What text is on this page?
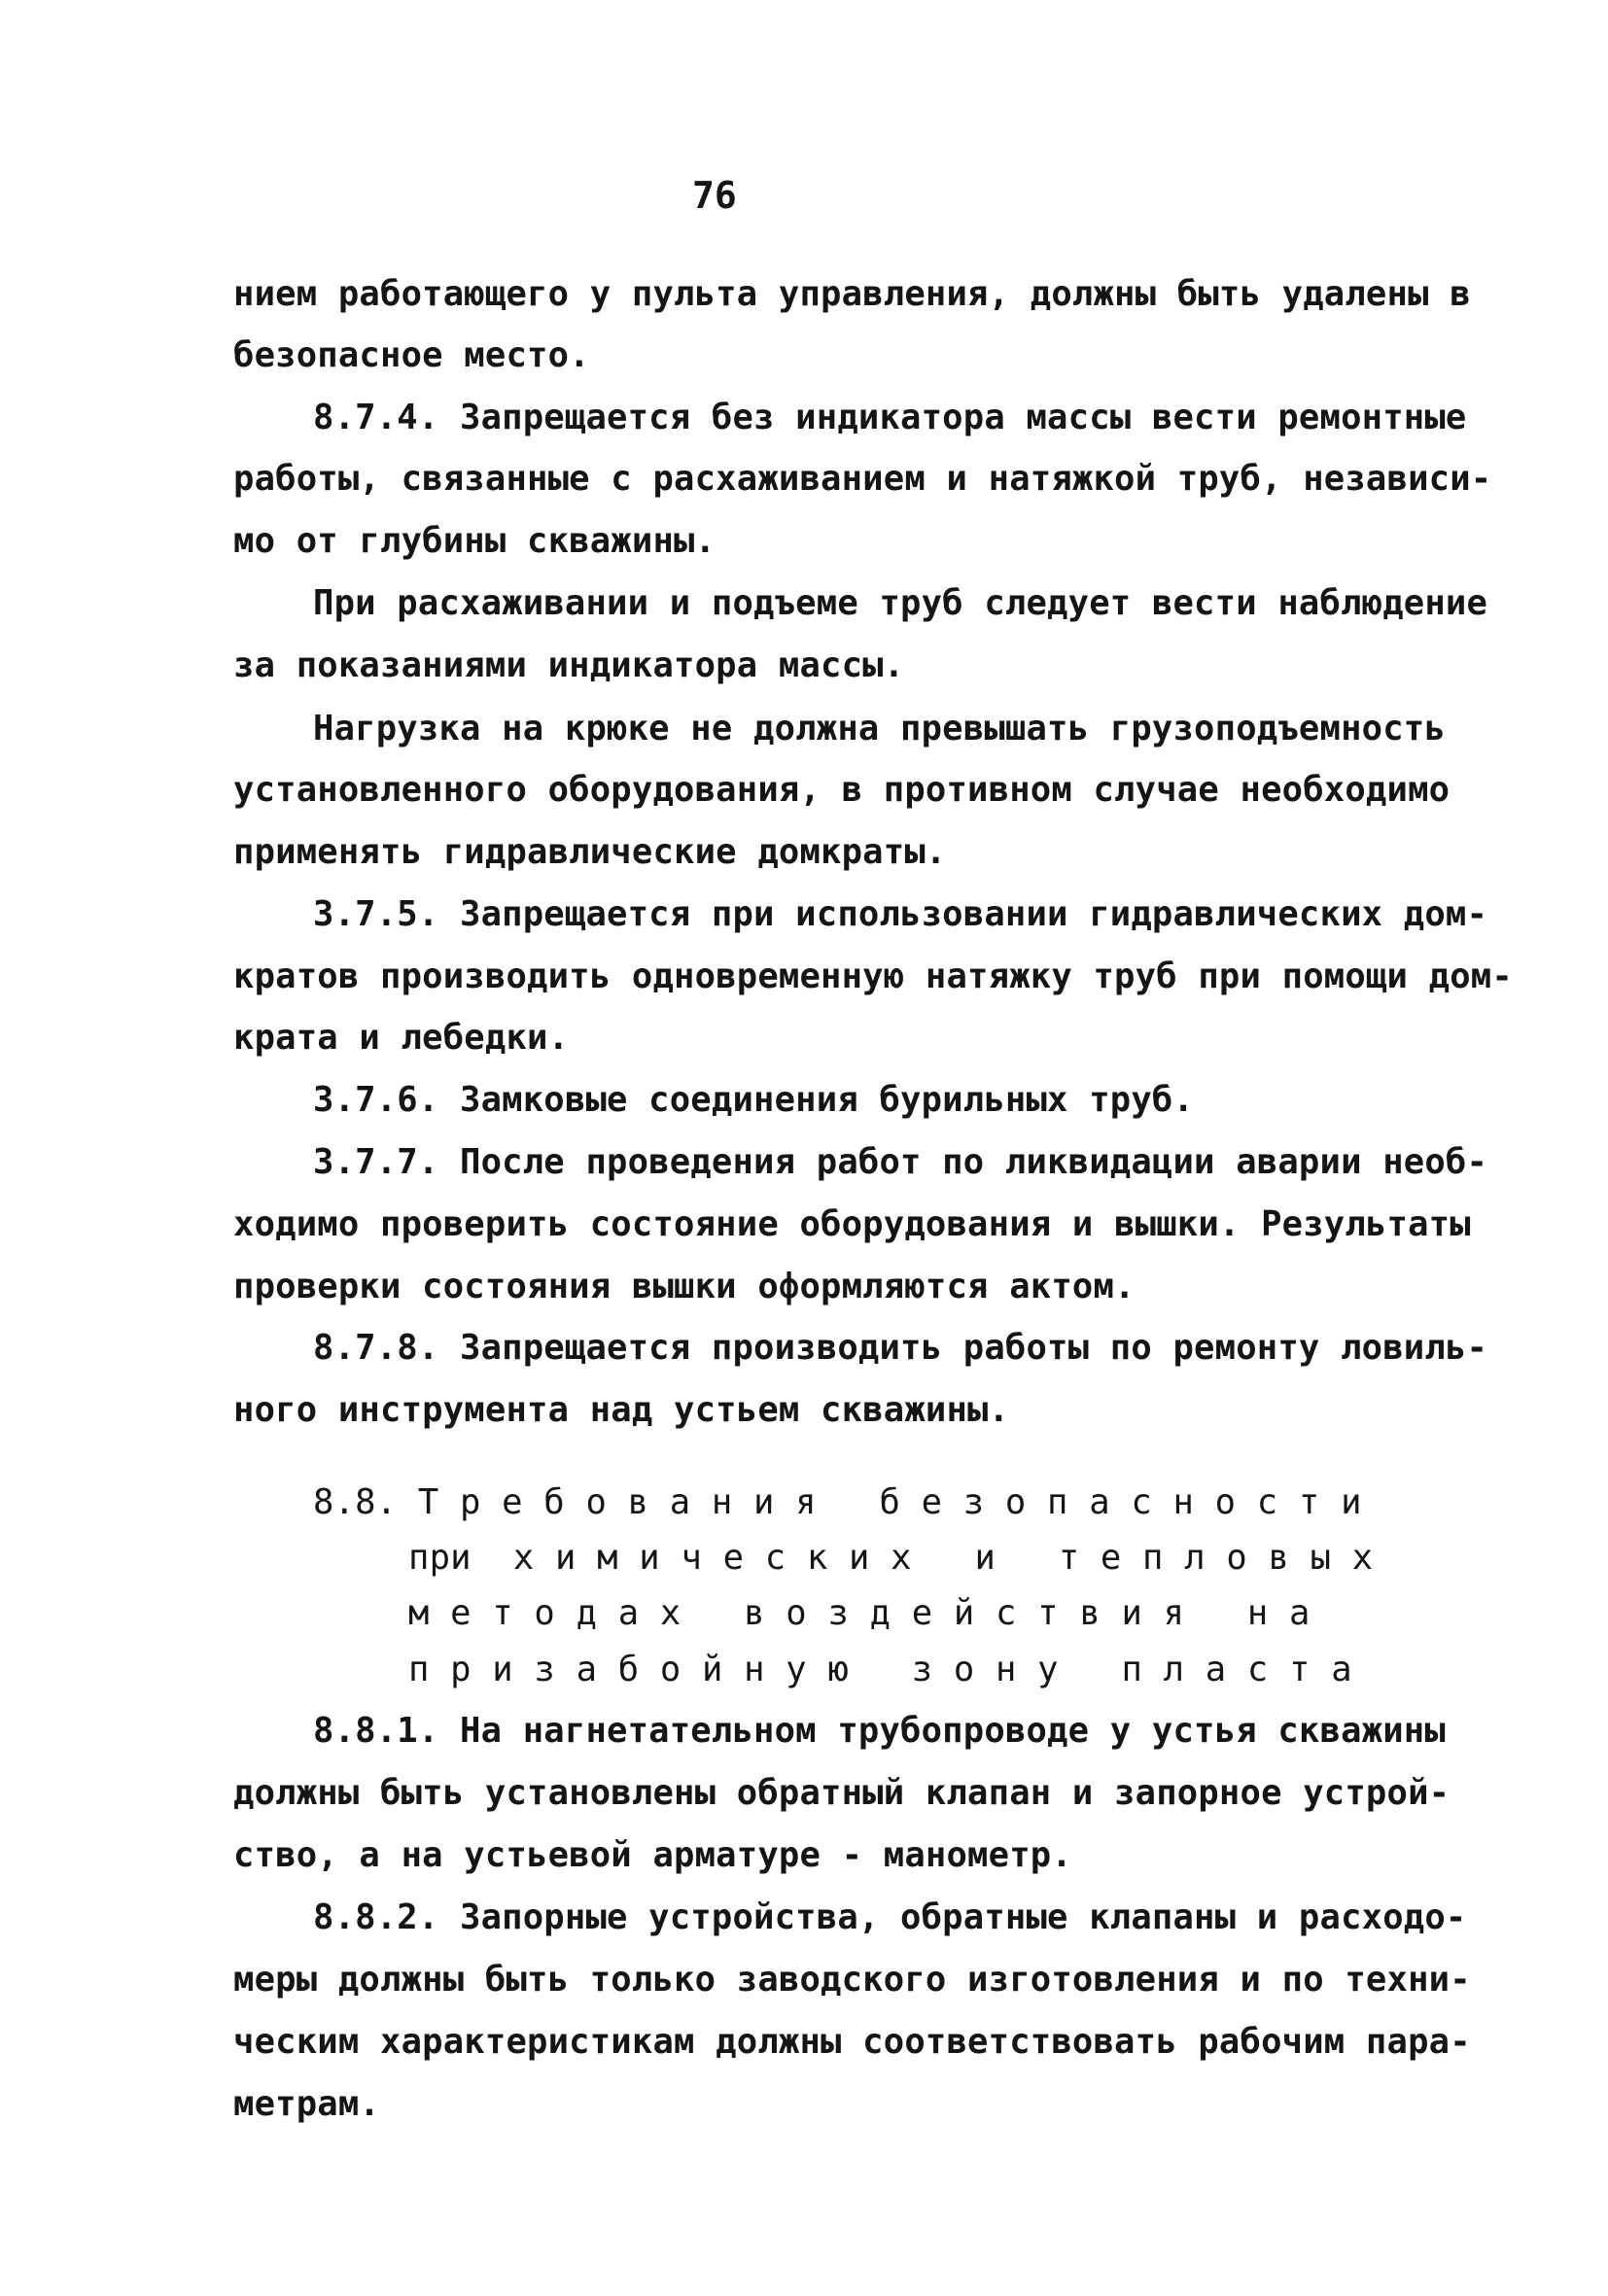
76
нием работающего у пульта управления, должны быть удалены в
безопасное место.
8.7.4. Запрещается без индикатора массы вести ремонтные
работы, связанные с расхаживанием и натяжкой труб, независи-
мо от глубины скважины.
При расхаживании и подъеме труб следует вести наблюдение
за показаниями индикатора массы.
Нагрузка на крюке не должна превышать грузоподъемность
установленного оборудования, в противном случае необходимо
применять гидравлические домкраты.
3.7.5. Запрещается при использовании гидравлических дом-
кратов производить одновременную натяжку труб при помощи дом-
крата и лебедки.
3.7.6. Замковые соединения бурильных труб.
3.7.7. После проведения работ по ликвидации аварии необ-
ходимо проверить состояние оборудования и вышки. Результаты
проверки состояния вышки оформляются актом.
8.7.8. Запрещается производить работы по ремонту ловиль-
ного инструмента над устьем скважины.
8.8.1. На нагнетательном трубопроводе у устья скважины
должны быть установлены обратный клапан и запорное устрой-
ство, а на устьевой арматуре - манометр.
8.8.2. Запорные устройства, обратные клапаны и расходо-
меры должны быть только заводского изготовления и по техни-
ческим характеристикам должны соответствовать рабочим пара-
метрам.
8.8. Т р е б о в а н и я   б е з о п а с н о с т и
при  х и м и ч е с к и х   и   т е п л о в ы х
м е т о д а х   в о з д е й с т в и я   н а
п р и з а б о й н у ю   з о н у   п л а с т а
